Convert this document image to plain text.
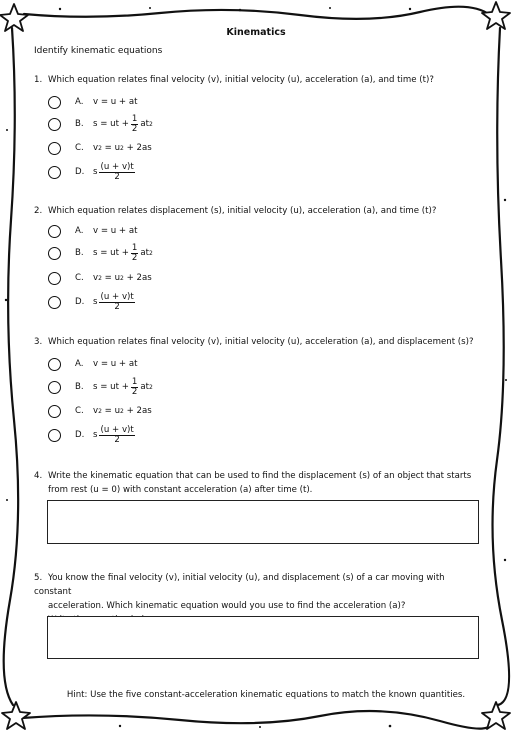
Kinematics
Identify kinematic equations
1. Which equation relates final velocity (v), initial velocity (u), acceleration (a), and time (t)?
A.	v = u + at
B.	s = ut + $\frac{1}{2}$ at 2
C.	v 2 = u 2 + 2as
D.	s $\frac{(u + v)t}{2}$
2. Which equation relates displacement (s), initial velocity (u), acceleration (a), and time (t)?
A.	v = u + at
B.	s = ut + $\frac{1}{2}$ at 2
C.	v 2 = u 2 + 2as
D.	s $\frac{(u + v)t}{2}$
3. Which equation relates final velocity (v), initial velocity (u), acceleration (a), and displacement (s)?
A.	v = u + at
B.	s = ut + $\frac{1}{2}$ at 2
C.	v 2 = u 2 + 2as
D.	s $\frac{(u + v)t}{2}$
4. Write the kinematic equation that can be used to find the displacement (s) of an object that starts
from rest (u = 0) with constant acceleration (a) after time (t).
5. You know the final velocity (v), initial velocity (u), and displacement (s) of a car moving with constant
acceleration. Which kinematic equation would you use to find the acceleration (a)?
Hint: Use the five constant-acceleration kinematic equations to match the known quantities.
